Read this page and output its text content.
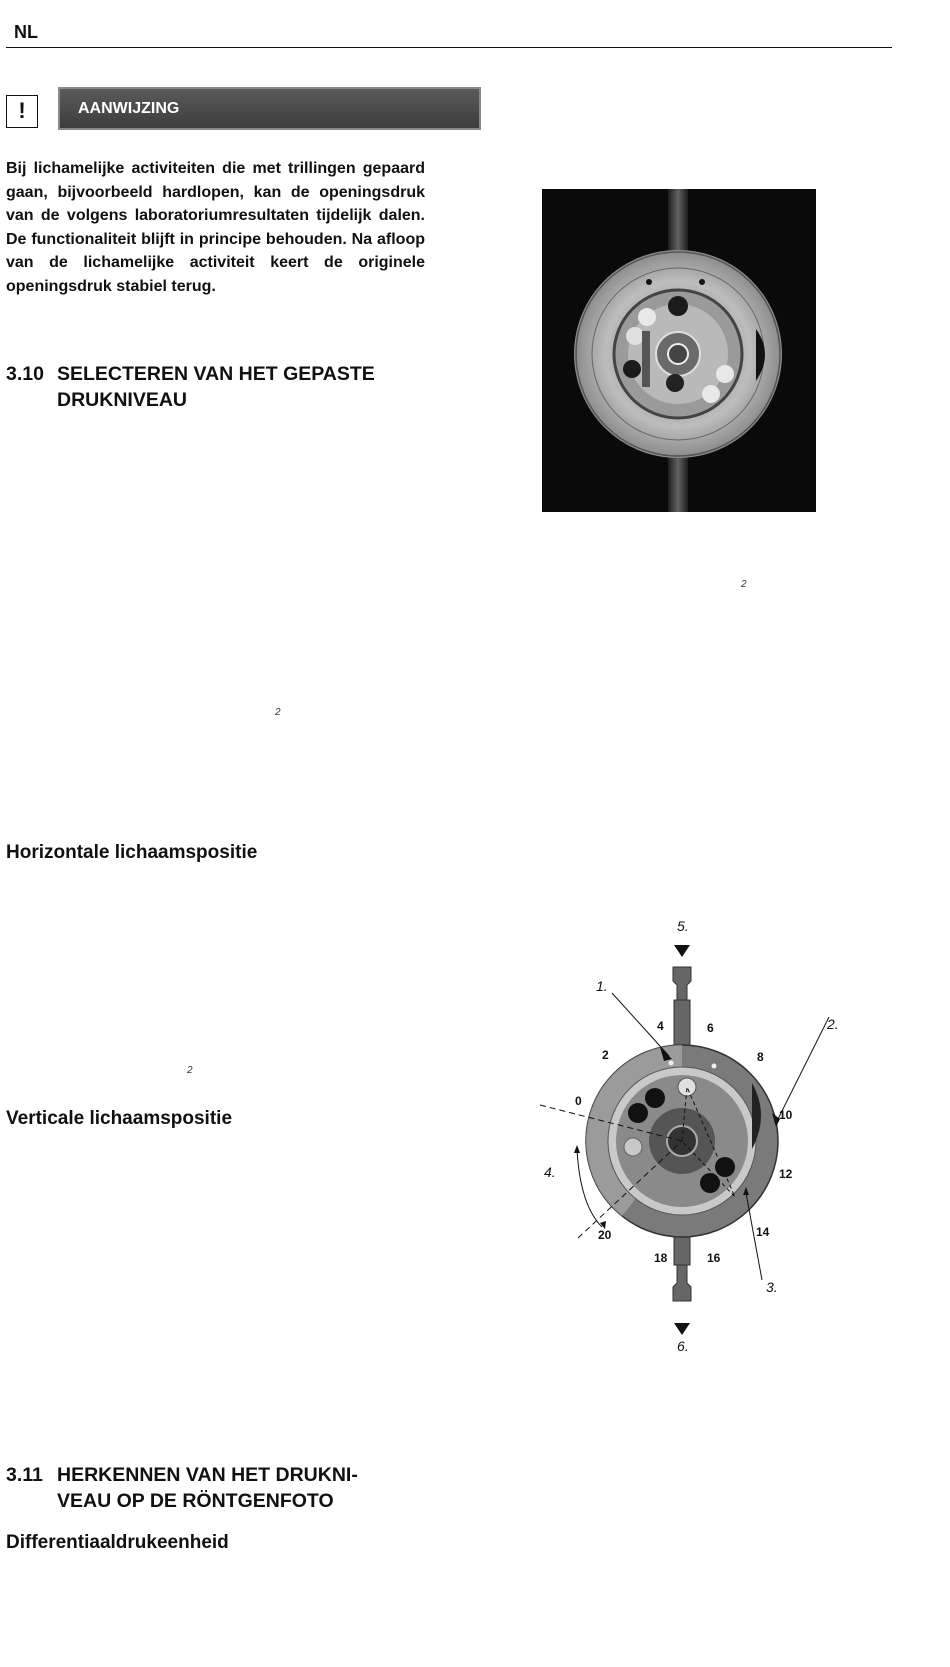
NL
!	AANWIJZING

Bij lichamelijke activiteiten die met trillingen gepaard gaan, bijvoorbeeld hardlopen, kan de openingsdruk van de volgens laboratoriumresultaten tijdelijk dalen. De functionaliteit blijft in principe behouden. Na afloop van de lichamelijke activiteit keert de originele openingsdruk stabiel terug.

3.10 SELECTEREN VAN HET GEPASTE
DRUKNIVEAU
2
2
2
Horizontale lichaamspositie
Verticale lichaamspositie
3.11 HERKENNEN VAN HET DRUKNI-
VEAU OP DE RÖNTGENFOTO
Differentiaaldrukeenheid
5.
1.
2.
4.
3.
6.
0
2
4	6
8
10
12
14
16
18
20
